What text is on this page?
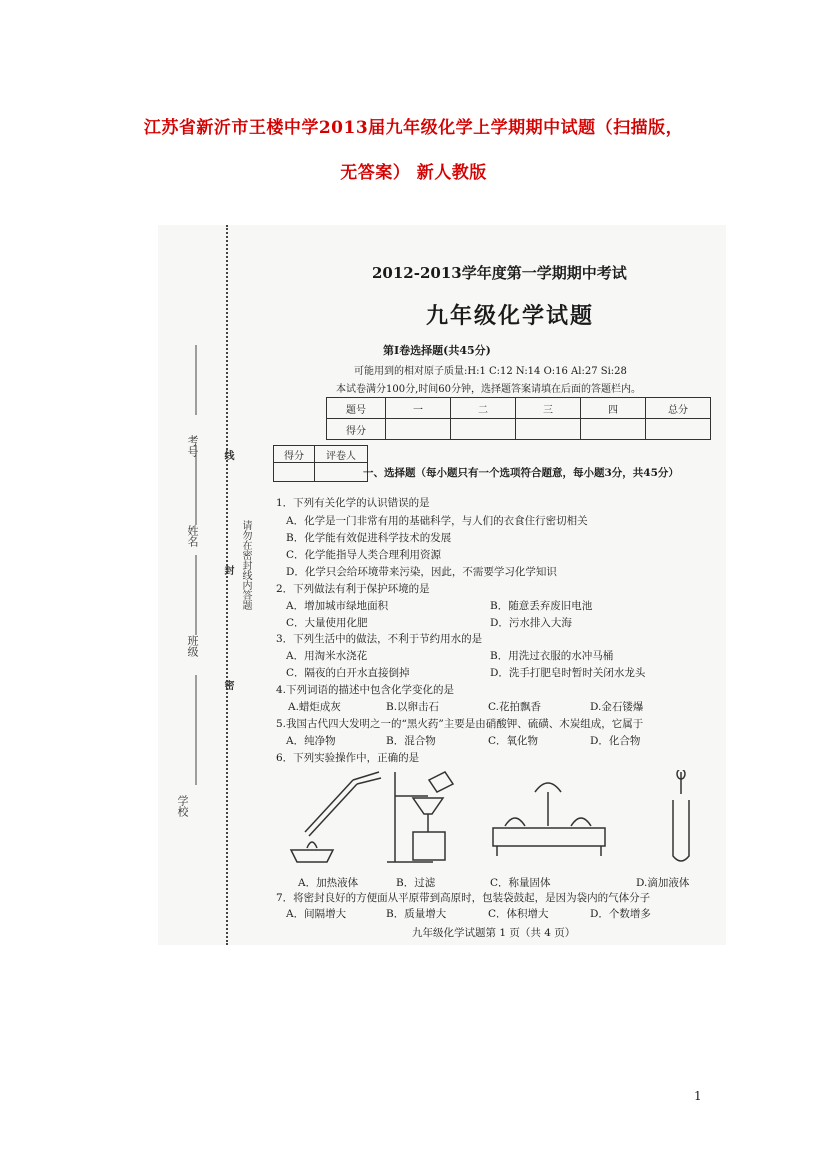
江苏省新沂市王楼中学2013届九年级化学上学期期中试题（扫描版，
无答案） 新人教版
考号
姓名
班级
学校
线
封
密
请勿在密封线内答题
2012-2013学年度第一学期期中考试
九年级化学试题
第Ⅰ卷选择题(共45分)
可能用到的相对原子质量:H:1 C:12 N:14 O:16 Al:27 Si:28
本试卷满分100分,时间60分钟，选择题答案请填在后面的答题栏内。
题号	一	二	三	四	总分
得分					
得分	评卷人

一、选择题（每小题只有一个选项符合题意，每小题3分，共45分）
1．下列有关化学的认识错误的是
A．化学是一门非常有用的基础科学，与人们的衣食住行密切相关
B．化学能有效促进科学技术的发展
C．化学能指导人类合理利用资源
D．化学只会给环境带来污染，因此，不需要学习化学知识
2．下列做法有利于保护环境的是
A．增加城市绿地面积	B．随意丢弃废旧电池
C．大量使用化肥	D．污水排入大海
3．下列生活中的做法，不利于节约用水的是
A．用淘米水浇花	B．用洗过衣服的水冲马桶
C．隔夜的白开水直接倒掉	D．洗手打肥皂时暂时关闭水龙头
4.下列词语的描述中包含化学变化的是
A.蜡炬成灰	B.以卵击石	C.花拍飘香	D.金石镂爆
5.我国古代四大发明之一的“黑火药”主要是由硝酸钾、硫磺、木炭组成，它属于
A．纯净物	B．混合物	C．氧化物	D．化合物
6．下列实验操作中，正确的是
A．加热液体	B．过滤	C．称量固体	D.滴加液体
7．将密封良好的方便面从平原带到高原时，包装袋鼓起，是因为袋内的气体分子
A．间隔增大	B．质量增大	C．体积增大	D．个数增多
九年级化学试题第 1 页（共 4 页）
1
